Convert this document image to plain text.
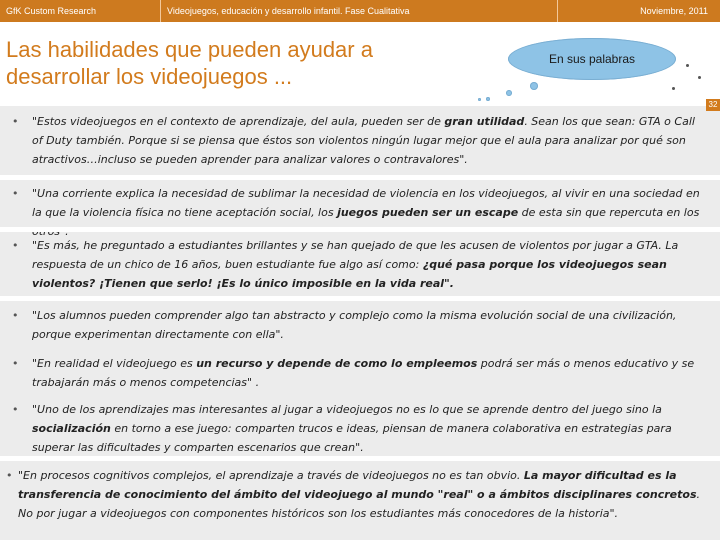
GfK Custom Research	Videojuegos, educación y desarrollo infantil. Fase Cualitativa	Noviembre, 2011
Las habilidades que pueden ayudar a
desarrollar los videojuegos ...
En sus palabras
•	"Estos videojuegos en el contexto de aprendizaje, del aula, pueden ser de gran utilidad. Sean los que sean: GTA o Call of Duty también. Porque si se piensa que éstos son violentos ningún lugar mejor que el aula para analizar por qué son atractivos…incluso se pueden aprender para analizar valores o contravalores".
•	"Una corriente explica la necesidad de sublimar la necesidad de violencia en los videojuegos, al vivir en una sociedad en la que la violencia física no tiene aceptación social, los juegos pueden ser un escape de esta sin que repercuta en los
•	"Es más, he preguntado a estudiantes brillantes y se han quejado de que les acusen de violentos por jugar a GTA. La respuesta de un chico de 16 años, buen estudiante fue algo así como: ¿qué pasa porque los videojuegos sean violentos? ¡Tienen que serlo! ¡Es lo único imposible en la vida real".
•	"Los alumnos pueden comprender algo tan abstracto y complejo como la misma evolución social de una civilización, porque experimentan directamente con ella".
•	"En realidad el videojuego es un recurso y depende de como lo empleemos podrá ser más o menos educativo y se trabajarán más o menos competencias" .
•	"Uno de los aprendizajes mas interesantes al jugar a videojuegos no es lo que se aprende dentro del juego sino la socialización en torno a ese juego: comparten trucos e ideas, piensan de manera colaborativa en estrategias para superar las dificultades y comparten escenarios que crean".
• "En procesos cognitivos complejos, el aprendizaje a través de videojuegos no es tan obvio. La mayor dificultad es la transferencia de conocimiento del ámbito del videojuego al mundo "real" o a ámbitos disciplinares concretos. No por jugar a videojuegos con componentes históricos son los estudiantes más conocedores de la historia".
32
